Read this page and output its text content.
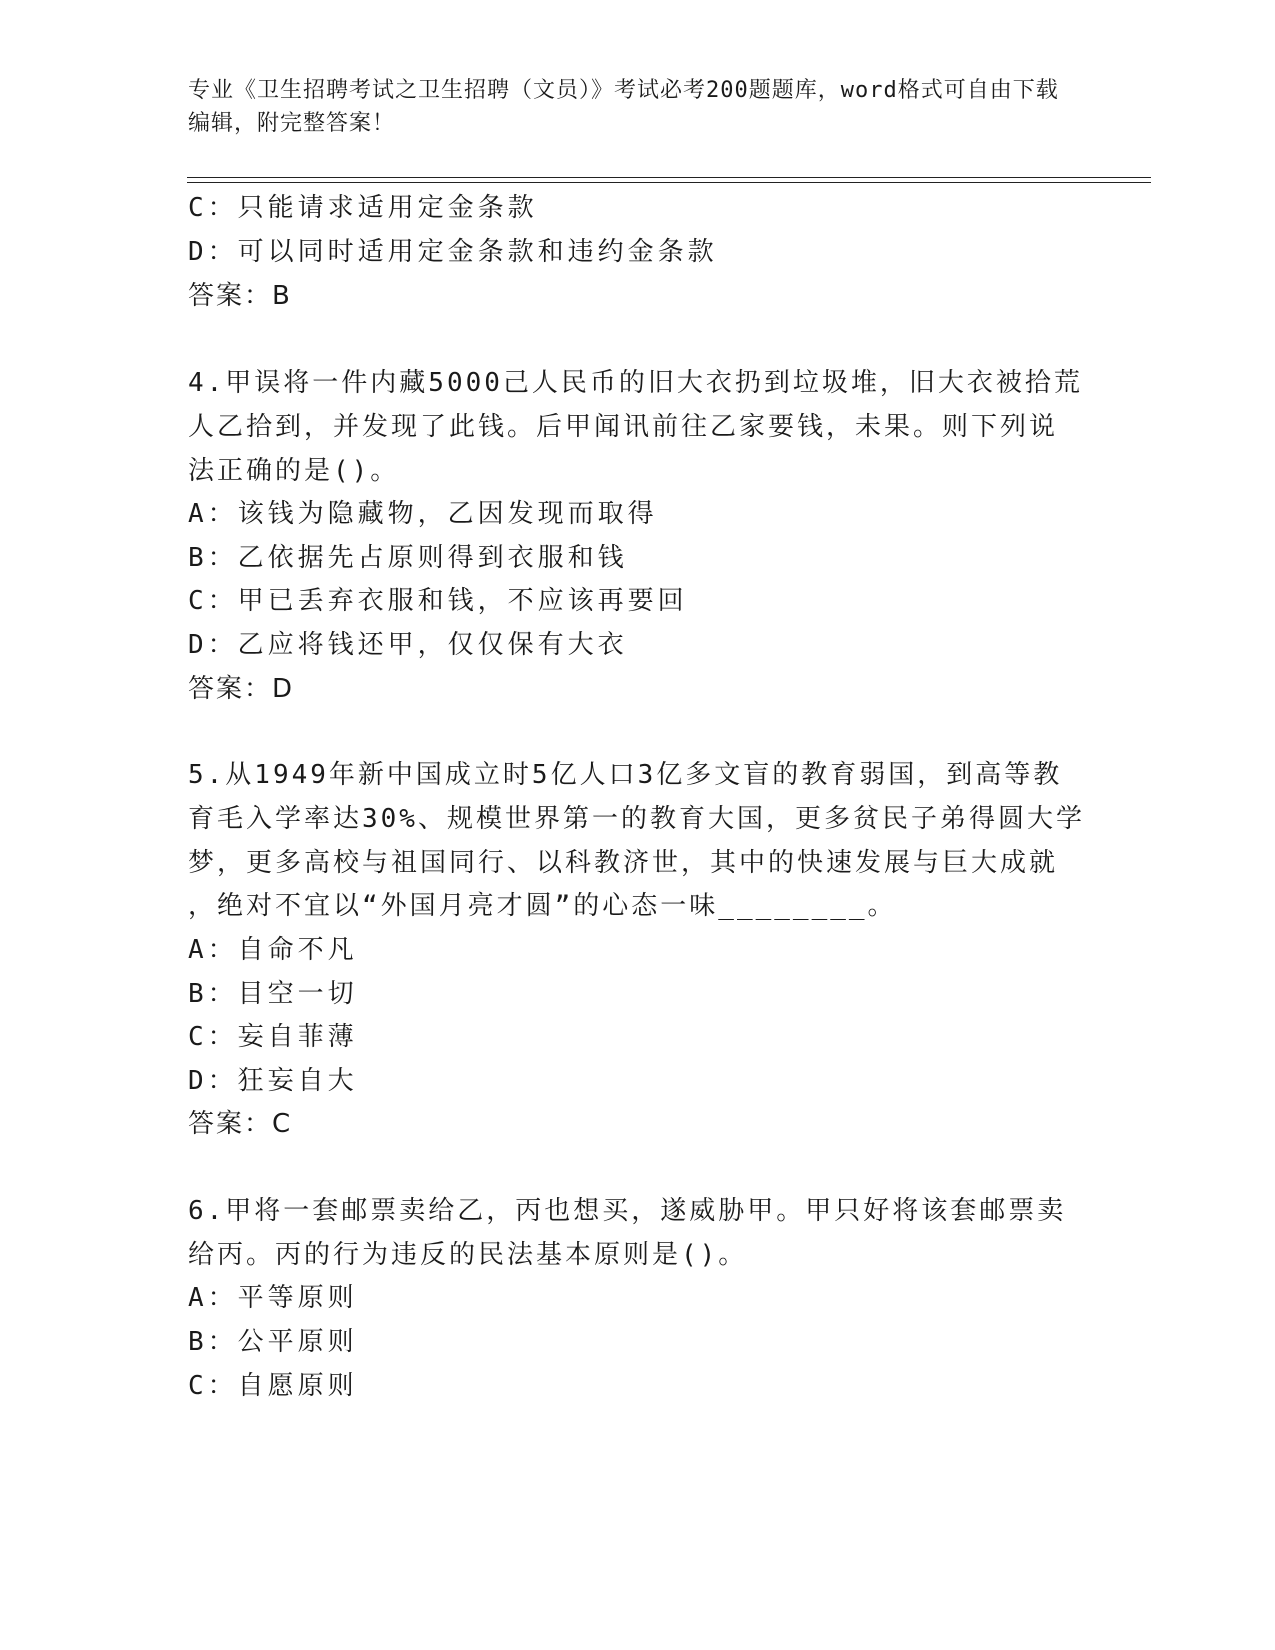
专业《卫生招聘考试之卫生招聘（文员）》考试必考200题题库，word格式可自由下载编辑，附完整答案！
C：只能请求适用定金条款
D：可以同时适用定金条款和违约金条款
答案：B
4.甲误将一件内藏5000己人民币的旧大衣扔到垃圾堆，旧大衣被拾荒
人乙拾到，并发现了此钱。后甲闻讯前往乙家要钱，未果。则下列说
法正确的是()。
A：该钱为隐藏物，乙因发现而取得
B：乙依据先占原则得到衣服和钱
C：甲已丢弃衣服和钱，不应该再要回
D：乙应将钱还甲，仅仅保有大衣
答案：D
5.从1949年新中国成立时5亿人口3亿多文盲的教育弱国，到高等教
育毛入学率达30%、规模世界第一的教育大国，更多贫民子弟得圆大学
梦，更多高校与祖国同行、以科教济世，其中的快速发展与巨大成就
，绝对不宜以“外国月亮才圆”的心态一味________。
A：自命不凡
B：目空一切
C：妄自菲薄
D：狂妄自大
答案：C
6.甲将一套邮票卖给乙，丙也想买，遂威胁甲。甲只好将该套邮票卖
给丙。丙的行为违反的民法基本原则是()。
A：平等原则
B：公平原则
C：自愿原则
